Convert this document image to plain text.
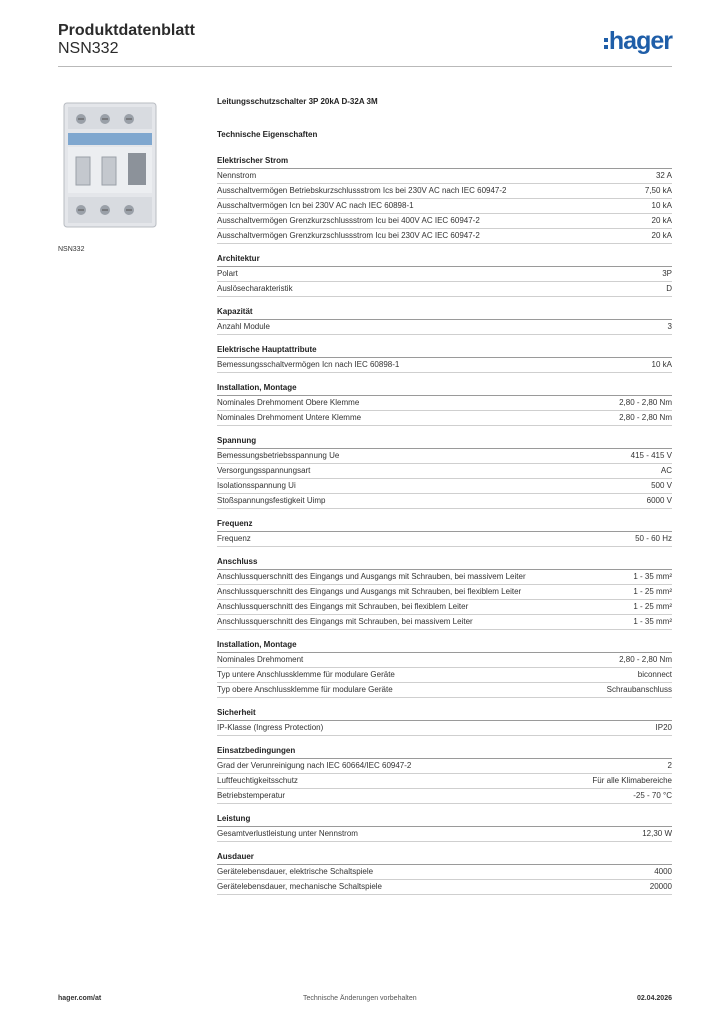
Produktdatenblatt
NSN332	hager
NSN332
Leitungsschutzschalter 3P 20kA D-32A 3M
Technische Eigenschaften
Elektrischer Strom
Nennstrom	32 A
Ausschaltvermögen Betriebskurzschlussstrom Ics bei 230V AC nach IEC 60947-2	7,50 kA
Ausschaltvermögen Icn bei 230V AC nach IEC 60898-1	10 kA
Ausschaltvermögen Grenzkurzschlussstrom Icu bei 400V AC IEC 60947-2	20 kA
Ausschaltvermögen Grenzkurzschlussstrom Icu bei 230V AC IEC 60947-2	20 kA
Architektur
Polart	3P
Auslösecharakteristik	D
Kapazität
Anzahl Module	3
Elektrische Hauptattribute
Bemessungsschaltvermögen Icn nach IEC 60898-1	10 kA
Installation, Montage
Nominales Drehmoment Obere Klemme	2,80 - 2,80 Nm
Nominales Drehmoment Untere Klemme	2,80 - 2,80 Nm
Spannung
Bemessungsbetriebsspannung Ue	415 - 415 V
Versorgungsspannungsart	AC
Isolationsspannung Ui	500 V
Stoßspannungsfestigkeit Uimp	6000 V
Frequenz
Frequenz	50 - 60 Hz
Anschluss
Anschlussquerschnitt des Eingangs und Ausgangs mit Schrauben, bei massivem Leiter	1 - 35 mm²
Anschlussquerschnitt des Eingangs und Ausgangs mit Schrauben, bei flexiblem Leiter	1 - 25 mm²
Anschlussquerschnitt des Eingangs mit Schrauben, bei flexiblem Leiter	1 - 25 mm²
Anschlussquerschnitt des Eingangs mit Schrauben, bei massivem Leiter	1 - 35 mm²
Installation, Montage
Nominales Drehmoment	2,80 - 2,80 Nm
Typ untere Anschlussklemme für modulare Geräte	biconnect
Typ obere Anschlussklemme für modulare Geräte	Schraubanschluss
Sicherheit
IP-Klasse (Ingress Protection)	IP20
Einsatzbedingungen
Grad der Verunreinigung nach IEC 60664/IEC 60947-2	2
Luftfeuchtigkeitsschutz	Für alle Klimabereiche
Betriebstemperatur	-25 - 70 °C
Leistung
Gesamtverlustleistung unter Nennstrom	12,30 W
Ausdauer
Gerätelebensdauer, elektrische Schaltspiele	4000
Gerätelebensdauer, mechanische Schaltspiele	20000
hager.com/at	Technische Änderungen vorbehalten	02.04.2026
